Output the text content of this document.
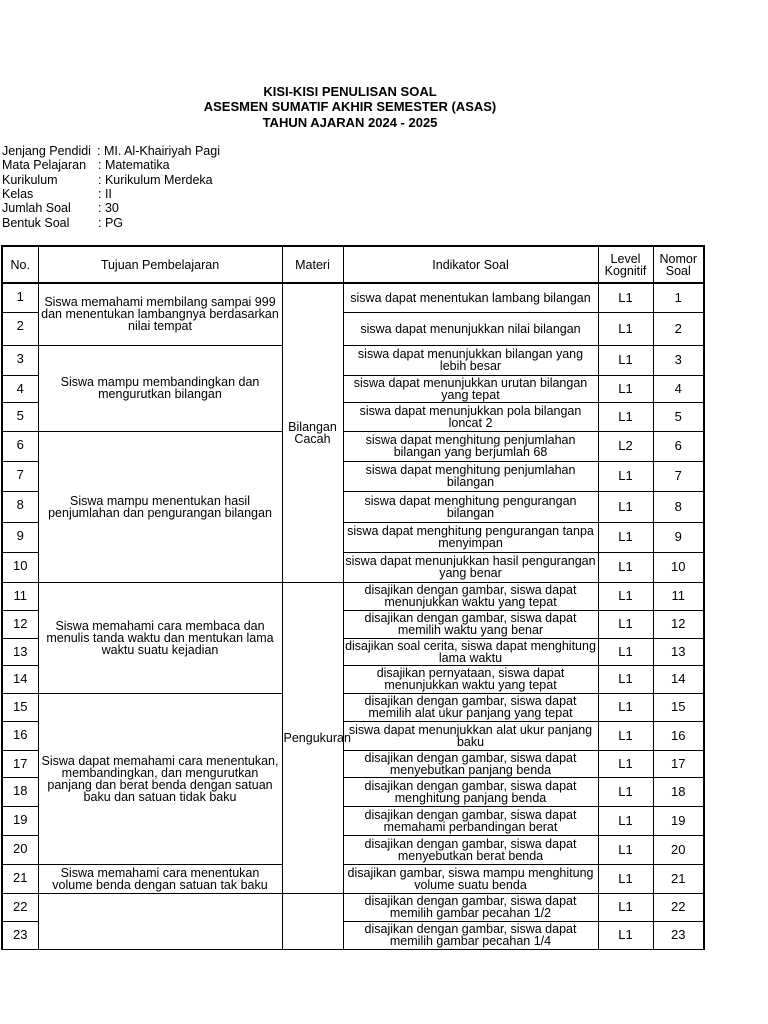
KISI-KISI PENULISAN SOAL
ASESMEN SUMATIF AKHIR SEMESTER (ASAS)
TAHUN AJARAN 2024 - 2025
Jenjang Pendidi : MI. Al-Khairiyah Pagi
Mata Pelajaran : Matematika
Kurikulum	: Kurikulum Merdeka
Kelas	: II
Jumlah Soal : 30
Bentuk Soal : PG
No.	Tujuan Pembelajaran	Materi	Indikator Soal	Level Kognitif	Nomor Soal
1	Siswa memahami membilang sampai 999 dan menentukan lambangnya berdasarkan nilai tempat	Bilangan Cacah	siswa dapat menentukan lambang bilangan	L1	1
2			siswa dapat menunjukkan nilai bilangan	L1	2
3	Siswa mampu membandingkan dan mengurutkan bilangan		siswa dapat menunjukkan bilangan yang lebih besar	L1	3
4			siswa dapat menunjukkan urutan bilangan yang tepat	L1	4
5			siswa dapat menunjukkan pola bilangan loncat 2	L1	5
6	Siswa mampu menentukan hasil penjumlahan dan pengurangan bilangan		siswa dapat menghitung penjumlahan bilangan yang berjumlah 68	L2	6
7			siswa dapat menghitung penjumlahan bilangan	L1	7
8			siswa dapat menghitung pengurangan bilangan	L1	8
9			siswa dapat menghitung pengurangan tanpa menyimpan	L1	9
10			siswa dapat menunjukkan hasil pengurangan yang benar	L1	10
11	Siswa memahami cara membaca dan menulis tanda waktu dan mentukan lama waktu suatu kejadian	Pengukuran	disajikan dengan gambar, siswa dapat menunjukkan waktu yang tepat	L1	11
12			disajikan dengan gambar, siswa dapat memilih waktu yang benar	L1	12
13			disajikan soal cerita, siswa dapat menghitung lama waktu	L1	13
14			disajikan pernyataan, siswa dapat menunjukkan waktu yang tepat	L1	14
15	Siswa dapat memahami cara menentukan, membandingkan, dan mengurutkan panjang dan berat benda dengan satuan baku dan satuan tidak baku		disajikan dengan gambar, siswa dapat memilih alat ukur panjang yang tepat	L1	15
16			siswa dapat menunjukkan alat ukur panjang baku	L1	16
17			disajikan dengan gambar, siswa dapat menyebutkan panjang benda	L1	17
18			disajikan dengan gambar, siswa dapat menghitung panjang benda	L1	18
19			disajikan dengan gambar, siswa dapat memahami perbandingan berat	L1	19
20			disajikan dengan gambar, siswa dapat menyebutkan berat benda	L1	20
21	Siswa memahami cara menentukan volume benda dengan satuan tak baku		disajikan gambar, siswa mampu menghitung volume suatu benda	L1	21
22			disajikan dengan gambar, siswa dapat memilih gambar pecahan 1/2	L1	22
23			disajikan dengan gambar, siswa dapat memilih gambar pecahan 1/4	L1	23
